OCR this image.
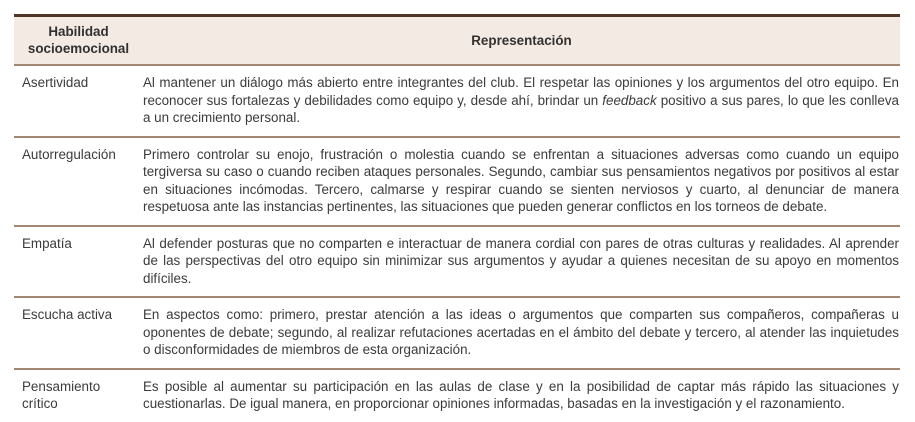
Habilidad socioemocional	Representación
Asertividad	Al mantener un diálogo más abierto entre integrantes del club. El respetar las opiniones y los argumentos del otro equipo. En reconocer sus fortalezas y debilidades como equipo y, desde ahí, brindar un feedback positivo a sus pares, lo que les conlleva a un crecimiento personal.
Autorregulación	Primero controlar su enojo, frustración o molestia cuando se enfrentan a situaciones adversas como cuando un equipo tergiversa su caso o cuando reciben ataques personales. Segundo, cambiar sus pensamientos negativos por positivos al estar en situaciones incómodas. Tercero, calmarse y respirar cuando se sienten nerviosos y cuarto, al denunciar de manera respetuosa ante las instancias pertinentes, las situaciones que pueden generar conflictos en los torneos de debate.
Empatía	Al defender posturas que no comparten e interactuar de manera cordial con pares de otras culturas y realidades. Al aprender de las perspectivas del otro equipo sin minimizar sus argumentos y ayudar a quienes necesitan de su apoyo en momentos difíciles.
Escucha activa	En aspectos como: primero, prestar atención a las ideas o argumentos que comparten sus compañeros, compañeras u oponentes de debate; segundo, al realizar refutaciones acertadas en el ámbito del debate y tercero, al atender las inquietudes o disconformidades de miembros de esta organización.
Pensamiento crítico	Es posible al aumentar su participación en las aulas de clase y en la posibilidad de captar más rápido las situaciones y cuestionarlas. De igual manera, en proporcionar opiniones informadas, basadas en la investigación y el razonamiento.
